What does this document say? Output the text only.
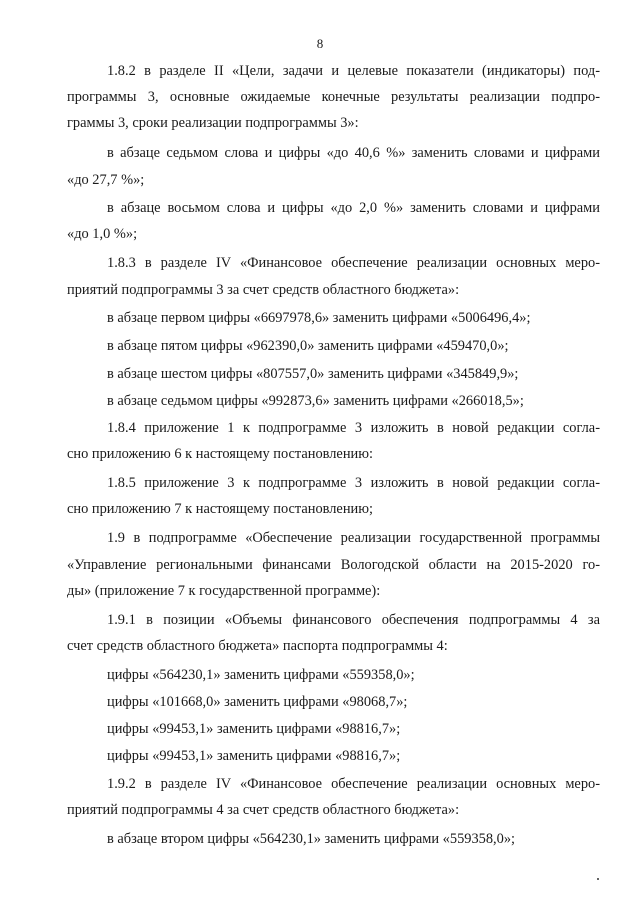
8
1.8.2 в разделе II «Цели, задачи и целевые показатели (индикаторы) под-
программы 3, основные ожидаемые конечные результаты реализации подпро-
граммы 3, сроки реализации подпрограммы 3»:
в абзаце седьмом слова и цифры «до 40,6 %» заменить словами и цифрами
«до 27,7 %»;
в абзаце восьмом слова и цифры «до 2,0 %» заменить словами и цифрами
«до 1,0 %»;
1.8.3 в разделе IV «Финансовое обеспечение реализации основных меро-
приятий подпрограммы 3 за счет средств областного бюджета»:
в абзаце первом цифры «6697978,6» заменить цифрами «5006496,4»;
в абзаце пятом цифры «962390,0» заменить цифрами «459470,0»;
в абзаце шестом цифры «807557,0» заменить цифрами «345849,9»;
в абзаце седьмом цифры «992873,6» заменить цифрами «266018,5»;
1.8.4 приложение 1 к подпрограмме 3 изложить в новой редакции согла-
сно приложению 6 к настоящему постановлению:
1.8.5 приложение 3 к подпрограмме 3 изложить в новой редакции согла-
сно приложению 7 к настоящему постановлению;
1.9 в подпрограмме «Обеспечение реализации государственной программы
«Управление региональными финансами Вологодской области на 2015-2020 го-
ды» (приложение 7 к государственной программе):
1.9.1 в позиции «Объемы финансового обеспечения подпрограммы 4 за
счет средств областного бюджета» паспорта подпрограммы 4:
цифры «564230,1» заменить цифрами «559358,0»;
цифры «101668,0» заменить цифрами «98068,7»;
цифры «99453,1» заменить цифрами «98816,7»;
цифры «99453,1» заменить цифрами «98816,7»;
1.9.2 в разделе IV «Финансовое обеспечение реализации основных меро-
приятий подпрограммы 4 за счет средств областного бюджета»:
в абзаце втором цифры «564230,1» заменить цифрами «559358,0»;
